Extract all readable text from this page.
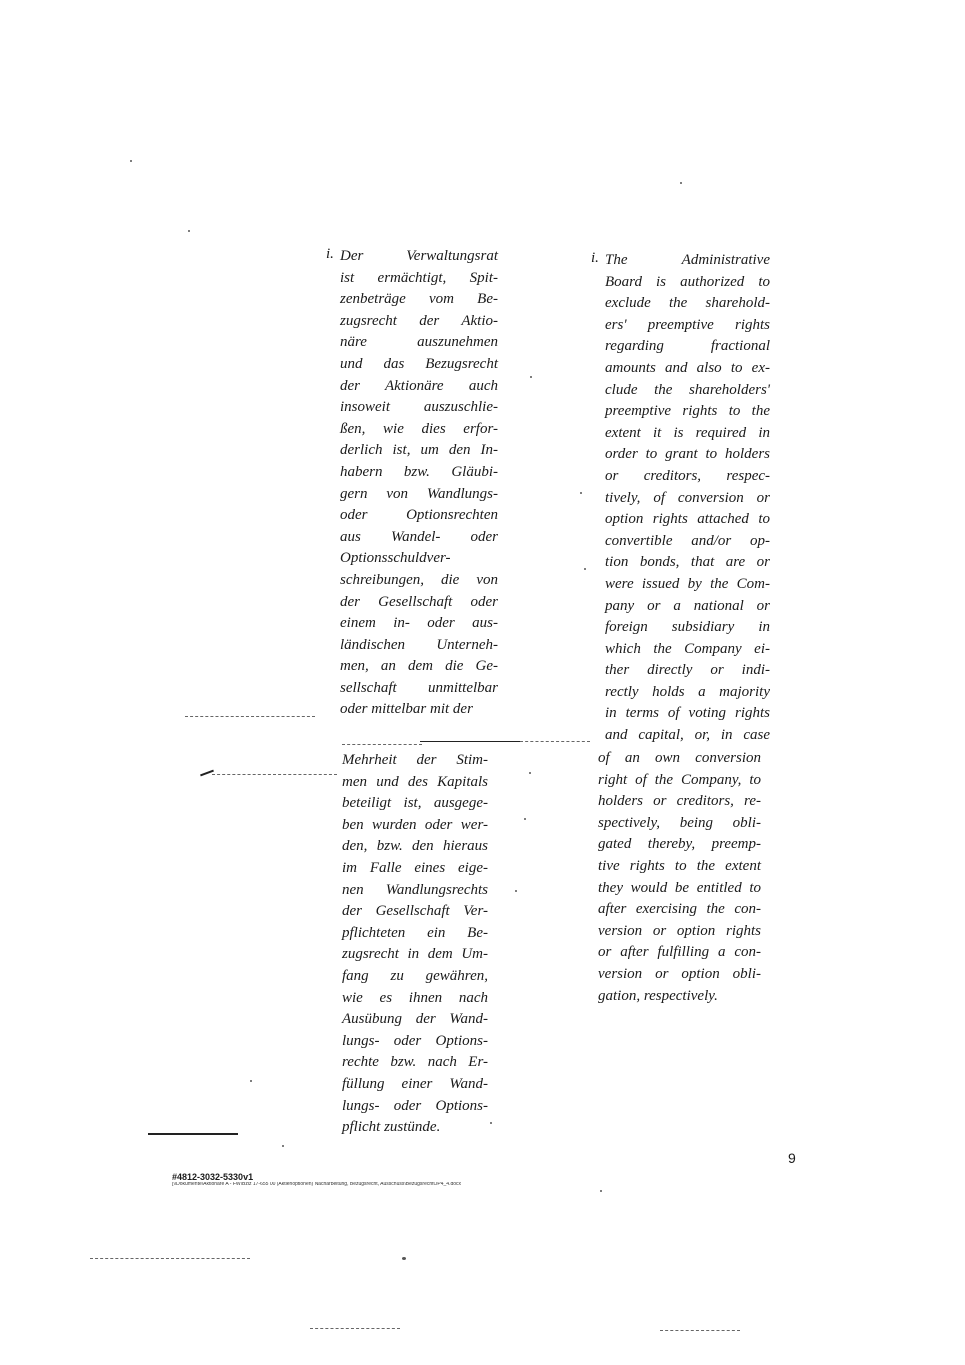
i. Der Verwaltungsrat
ist ermächtigt, Spit-
zenbeträge vom Be-
zugsrecht der Aktio-
näre auszunehmen
und das Bezugsrecht
der Aktionäre auch
insoweit auszuschlie-
ßen, wie dies erfor-
derlich ist, um den In-
habern bzw. Gläubi-
gern von Wandlungs-
oder Optionsrechten
aus Wandel- oder
Optionsschuldver-
schreibungen, die von
der Gesellschaft oder
einem in- oder aus-
ländischen Unterneh-
men, an dem die Ge-
sellschaft unmittelbar
oder mittelbar mit der
Mehrheit der Stim-
men und des Kapitals
beteiligt ist, ausgege-
ben wurden oder wer-
den, bzw. den hieraus
im Falle eines eige-
nen Wandlungsrechts
der Gesellschaft Ver-
pflichteten ein Be-
zugsrecht in dem Um-
fang zu gewähren,
wie es ihnen nach
Ausübung der Wand-
lungs- oder Options-
rechte bzw. nach Er-
füllung einer Wand-
lungs- oder Options-
pflicht zustünde.
i. The Administrative
Board is authorized to
exclude the sharehold-
ers' preemptive rights
regarding fractional
amounts and also to ex-
clude the shareholders'
preemptive rights to the
extent it is required in
order to grant to holders
or creditors, respec-
tively, of conversion or
option rights attached to
convertible and/or op-
tion bonds, that are or
were issued by the Com-
pany or a national or
foreign subsidiary in
which the Company ei-
ther directly or indi-
rectly holds a majority
in terms of voting rights
and capital, or, in case
of an own conversion
right of the Company, to
holders or creditors, re-
spectively, being obli-
gated thereby, preemp-
tive rights to the extent
they would be entitled to
after exercising the con-
version or option rights
or after fulfilling a con-
version or option obli-
gation, respectively.
9
#4812-3032-5330v1
[\\Dokumente\Aktionäre A - FW\Bzlz 17-655 00 (Aktienoptionen) Nacharbeitung, Bezugsrecht, Ausschuss\BezugsrechtOP4_4.docx
